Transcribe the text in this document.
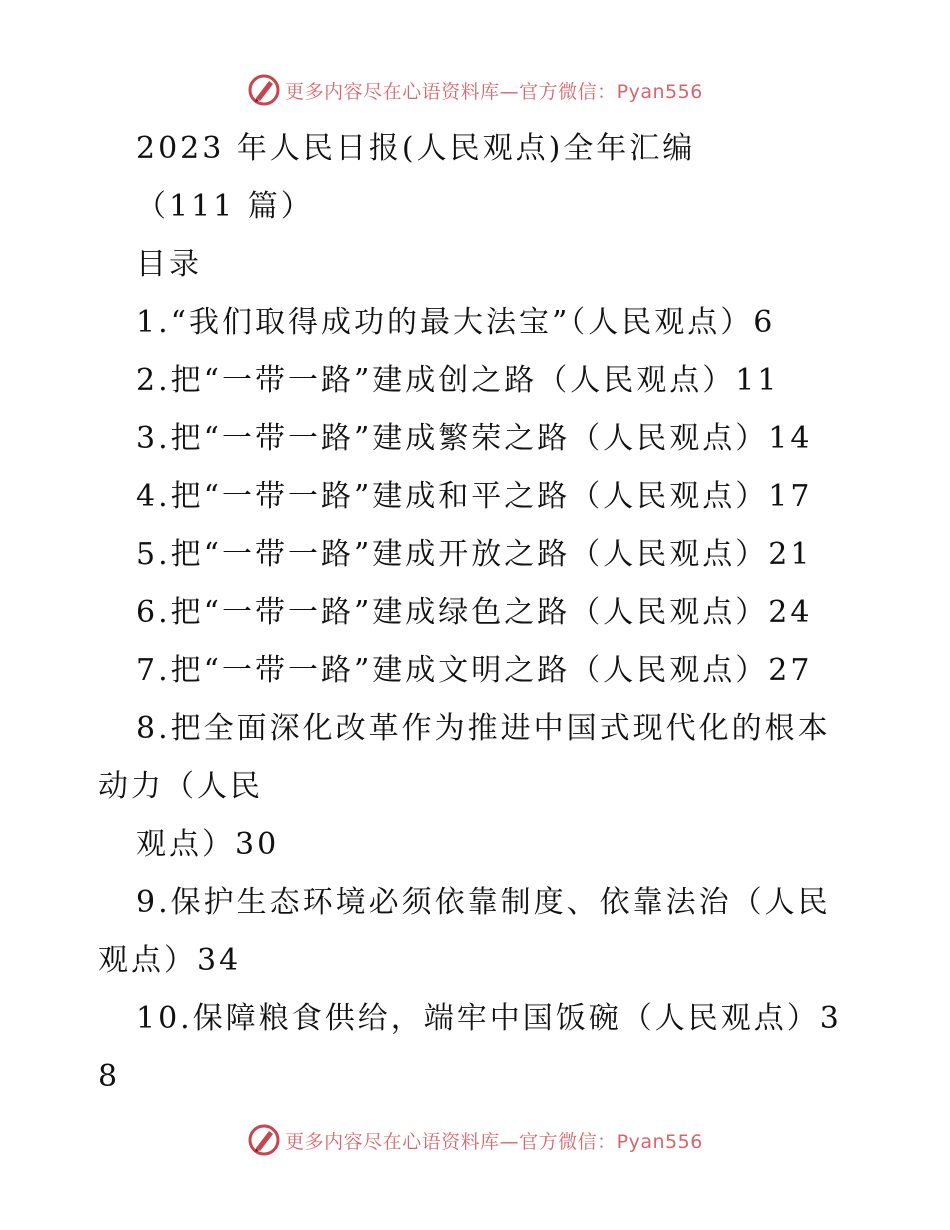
更多内容尽在心语资料库—官方微信：Pyan556
2023 年人民日报(人民观点)全年汇编
（111 篇）
目录
1.“我们取得成功的最大法宝”（人民观点）6
2.把“一带一路”建成创之路（人民观点）11
3.把“一带一路”建成繁荣之路（人民观点）14
4.把“一带一路”建成和平之路（人民观点）17
5.把“一带一路”建成开放之路（人民观点）21
6.把“一带一路”建成绿色之路（人民观点）24
7.把“一带一路”建成文明之路（人民观点）27
8.把全面深化改革作为推进中国式现代化的根本动力（人民
观点）30
9.保护生态环境必须依靠制度、依靠法治（人民观点）34
10.保障粮食供给，端牢中国饭碗（人民观点）38
更多内容尽在心语资料库—官方微信：Pyan556
